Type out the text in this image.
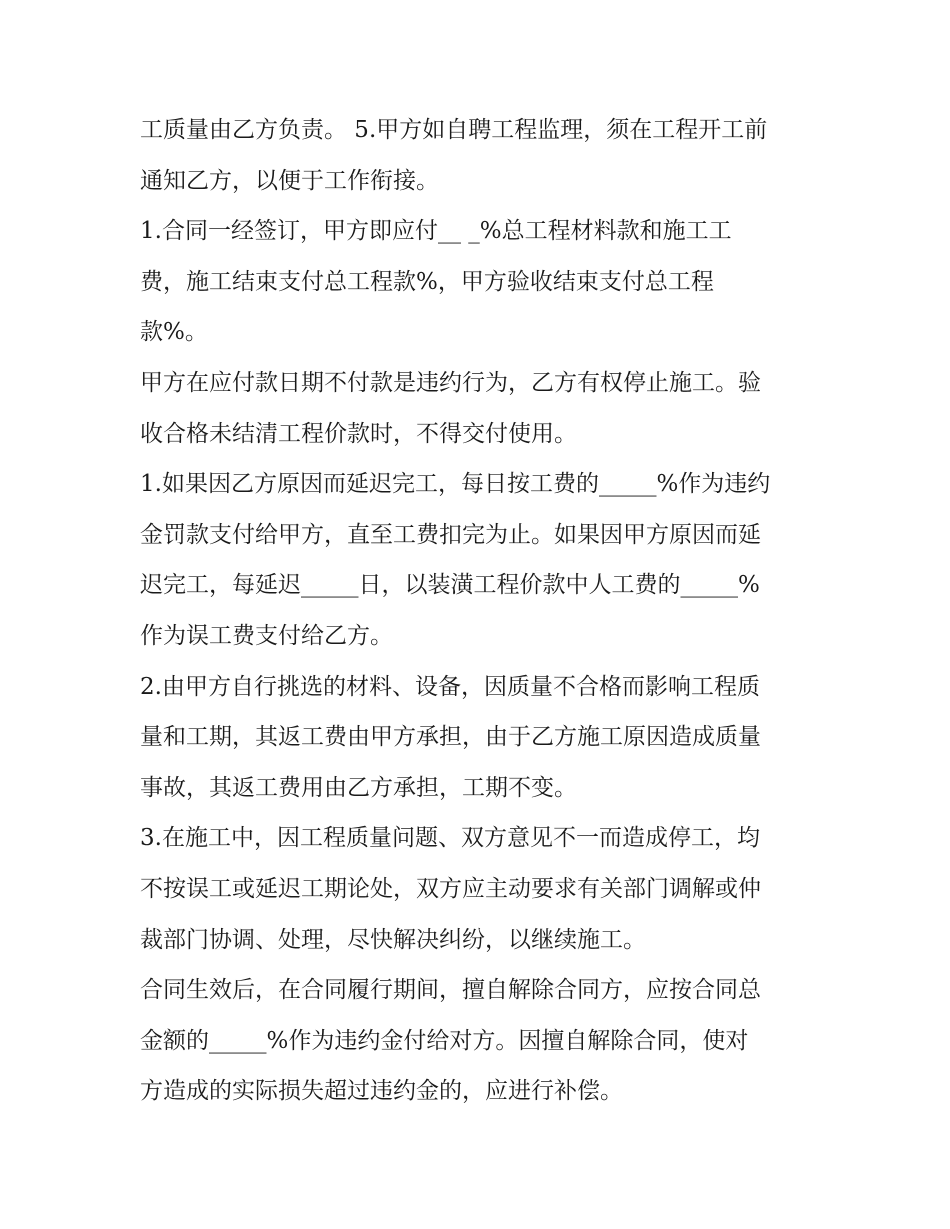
工质量由乙方负责。 5.甲方如自聘工程监理，须在工程开工前
通知乙方，以便于工作衔接。

1.合同一经签订，甲方即应付__ _%总工程材料款和施工工
费，施工结束支付总工程款%，甲方验收结束支付总工程
款%。

甲方在应付款日期不付款是违约行为，乙方有权停止施工。验
收合格未结清工程价款时，不得交付使用。

1.如果因乙方原因而延迟完工，每日按工费的_____%作为违约
金罚款支付给甲方，直至工费扣完为止。如果因甲方原因而延
迟完工，每延迟_____日，以装潢工程价款中人工费的_____%
作为误工费支付给乙方。

2.由甲方自行挑选的材料、设备，因质量不合格而影响工程质
量和工期，其返工费由甲方承担，由于乙方施工原因造成质量
事故，其返工费用由乙方承担，工期不变。

3.在施工中，因工程质量问题、双方意见不一而造成停工，均
不按误工或延迟工期论处，双方应主动要求有关部门调解或仲
裁部门协调、处理，尽快解决纠纷，以继续施工。

合同生效后，在合同履行期间，擅自解除合同方，应按合同总
金额的_____%作为违约金付给对方。因擅自解除合同，使对
方造成的实际损失超过违约金的，应进行补偿。
